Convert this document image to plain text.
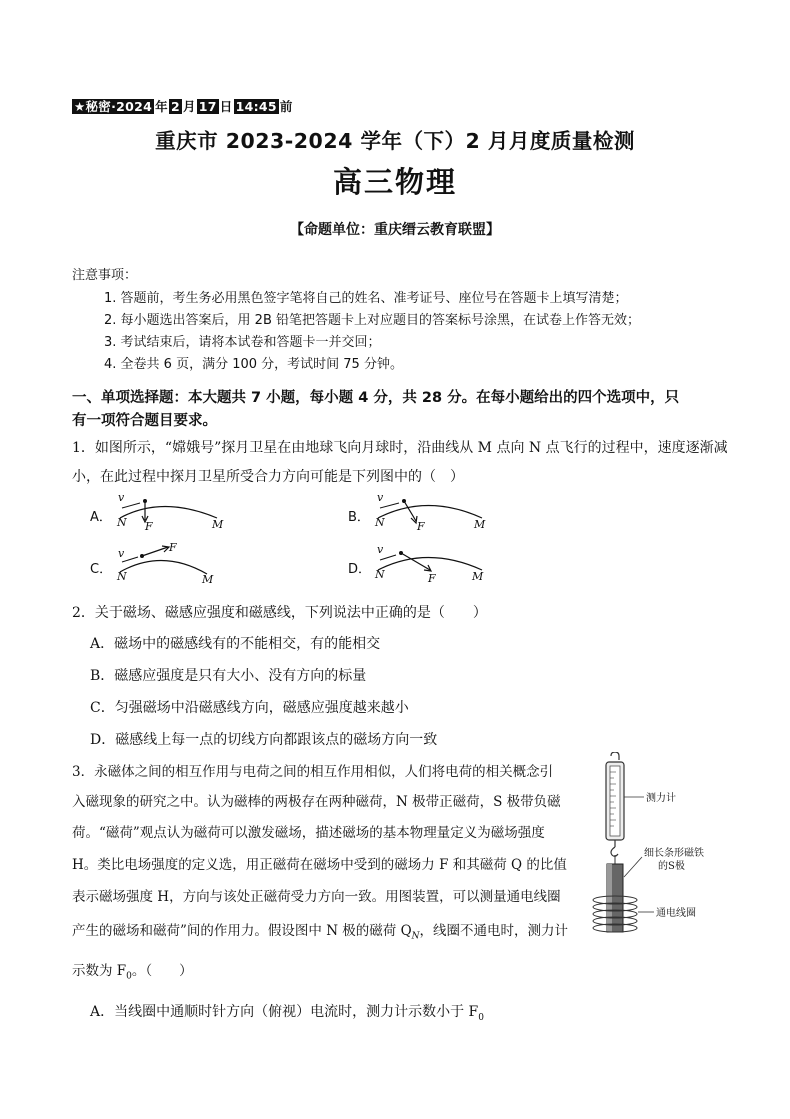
★秘密·2024 年 2 月 17 日 14:45 前
重庆市 2023-2024 学年（下）2 月月度质量检测
高三物理
【命题单位：重庆缙云教育联盟】
注意事项：
1. 答题前，考生务必用黑色签字笔将自己的姓名、准考证号、座位号在答题卡上填写清楚；
2. 每小题选出答案后，用 2B 铅笔把答题卡上对应题目的答案标号涂黑，在试卷上作答无效；
3. 考试结束后，请将本试卷和答题卡一并交回；
4. 全卷共 6 页，满分 100 分，考试时间 75 分钟。
一、单项选择题：本大题共 7 小题，每小题 4 分，共 28 分。在每小题给出的四个选项中，只
有一项符合题目要求。
1．如图所示，“嫦娥号”探月卫星在由地球飞向月球时，沿曲线从 M 点向 N 点飞行的过程中，速度逐渐减
小，在此过程中探月卫星所受合力方向可能是下列图中的（　）
A．
v
N F	M	B．
v
N	F	M
C．
v
N
F
M
D．
v
N	F	M
2．关于磁场、磁感应强度和磁感线，下列说法中正确的是（　　）
A．磁场中的磁感线有的不能相交，有的能相交
B．磁感应强度是只有大小、没有方向的标量
C．匀强磁场中沿磁感线方向，磁感应强度越来越小
D．磁感线上每一点的切线方向都跟该点的磁场方向一致
3．永磁体之间的相互作用与电荷之间的相互作用相似，人们将电荷的相关概念引
入磁现象的研究之中。认为磁棒的两极存在两种磁荷，N 极带正磁荷，S 极带负磁
荷。“磁荷”观点认为磁荷可以激发磁场，描述磁场的基本物理量定义为磁场强度
H。类比电场强度的定义选，用正磁荷在磁场中受到的磁场力 F 和其磁荷 Q 的比值
表示磁场强度 H，方向与该处正磁荷受力方向一致。用图装置，可以测量通电线圈
产生的磁场和磁荷”间的作用力。假设图中 N 极的磁荷 $Q_N$，线圈不通电时，测力计
示数为 $F_0$。（　　）
A．当线圈中通顺时针方向（俯视）电流时，测力计示数小于 $F_0$
测力计
细长条形磁铁
的S极
通电线圈
